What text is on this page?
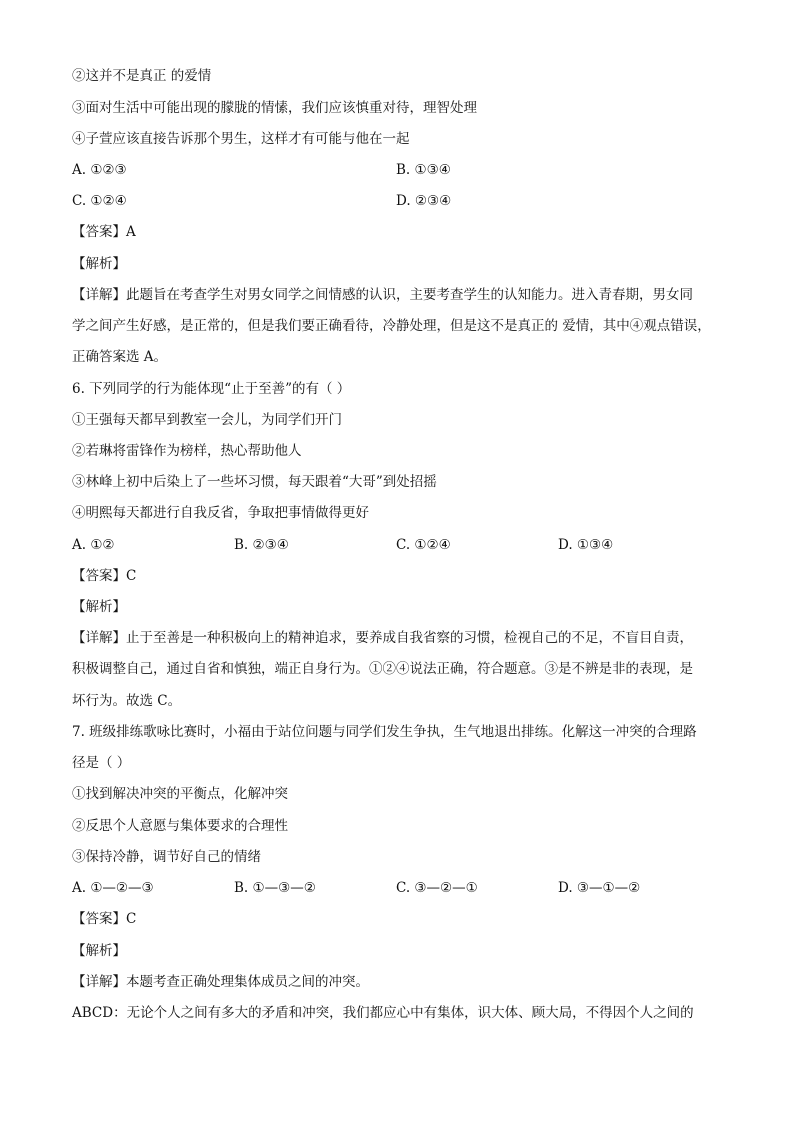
②这并不是真正 的爱情
③面对生活中可能出现的朦胧的情愫，我们应该慎重对待，理智处理
④子萱应该直接告诉那个男生，这样才有可能与他在一起
A. ①②③	B. ①③④
C. ①②④	D. ②③④
【答案】A
【解析】
【详解】此题旨在考查学生对男女同学之间情感的认识，主要考查学生的认知能力。进入青春期，男女同
学之间产生好感，是正常的，但是我们要正确看待，冷静处理，但是这不是真正的 爱情，其中④观点错误，
正确答案选 A。
6. 下列同学的行为能体现“止于至善”的有（ ）
①王强每天都早到教室一会儿，为同学们开门
②若琳将雷锋作为榜样，热心帮助他人
③林峰上初中后染上了一些坏习惯，每天跟着“大哥”到处招摇
④明熙每天都进行自我反省，争取把事情做得更好
A. ①②	B. ②③④	C. ①②④	D. ①③④
【答案】C
【解析】
【详解】止于至善是一种积极向上的精神追求，要养成自我省察的习惯，检视自己的不足，不盲目自责，
积极调整自己，通过自省和慎独，端正自身行为。①②④说法正确，符合题意。③是不辨是非的表现，是
坏行为。故选 C。
7. 班级排练歌咏比赛时，小福由于站位问题与同学们发生争执，生气地退出排练。化解这一冲突的合理路
径是（ ）
①找到解决冲突的平衡点，化解冲突
②反思个人意愿与集体要求的合理性
③保持冷静，调节好自己的情绪
A. ①—②—③	B. ①—③—②	C. ③—②—①	D. ③—①—②
【答案】C
【解析】
【详解】本题考查正确处理集体成员之间的冲突。
ABCD：无论个人之间有多大的矛盾和冲突，我们都应心中有集体，识大体、顾大局，不得因个人之间的
